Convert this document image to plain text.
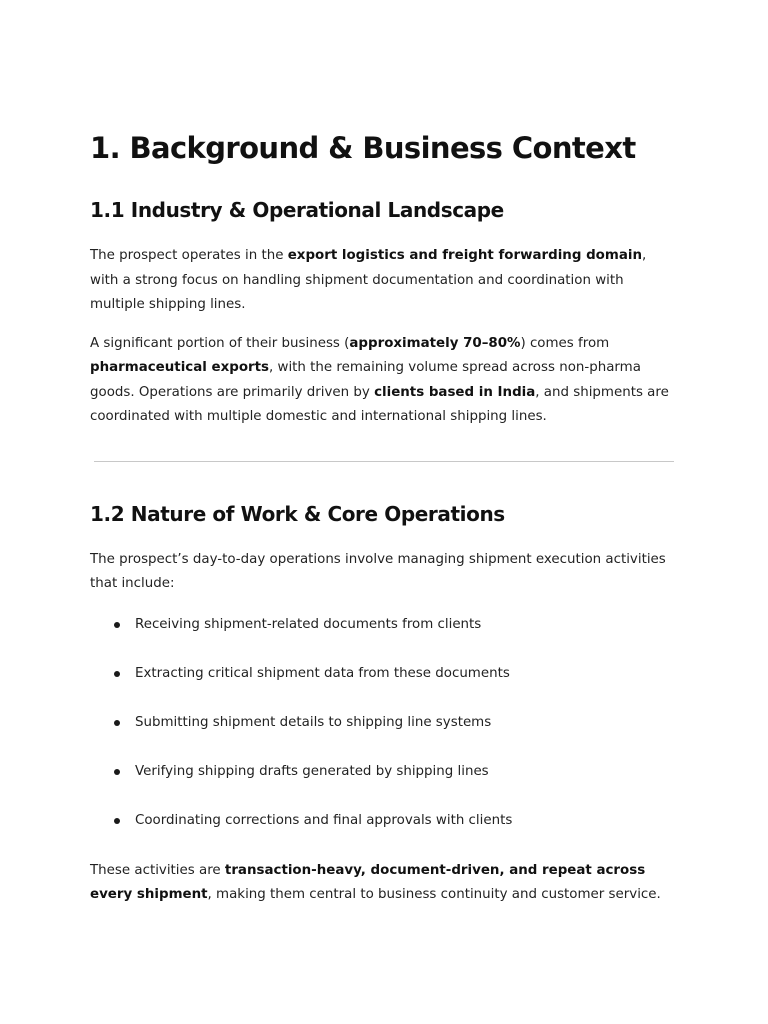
1. Background & Business Context
1.1 Industry & Operational Landscape

The prospect operates in the export logistics and freight forwarding domain, with a strong focus on handling shipment documentation and coordination with multiple shipping lines.

A significant portion of their business (approximately 70–80%) comes from pharmaceutical exports, with the remaining volume spread across non-pharma goods. Operations are primarily driven by clients based in India, and shipments are coordinated with multiple domestic and international shipping lines.

1.2 Nature of Work & Core Operations

The prospect’s day-to-day operations involve managing shipment execution activities that include:

Receiving shipment-related documents from clients
Extracting critical shipment data from these documents
Submitting shipment details to shipping line systems
Verifying shipping drafts generated by shipping lines
Coordinating corrections and final approvals with clients

These activities are transaction-heavy, document-driven, and repeat across every shipment, making them central to business continuity and customer service.
